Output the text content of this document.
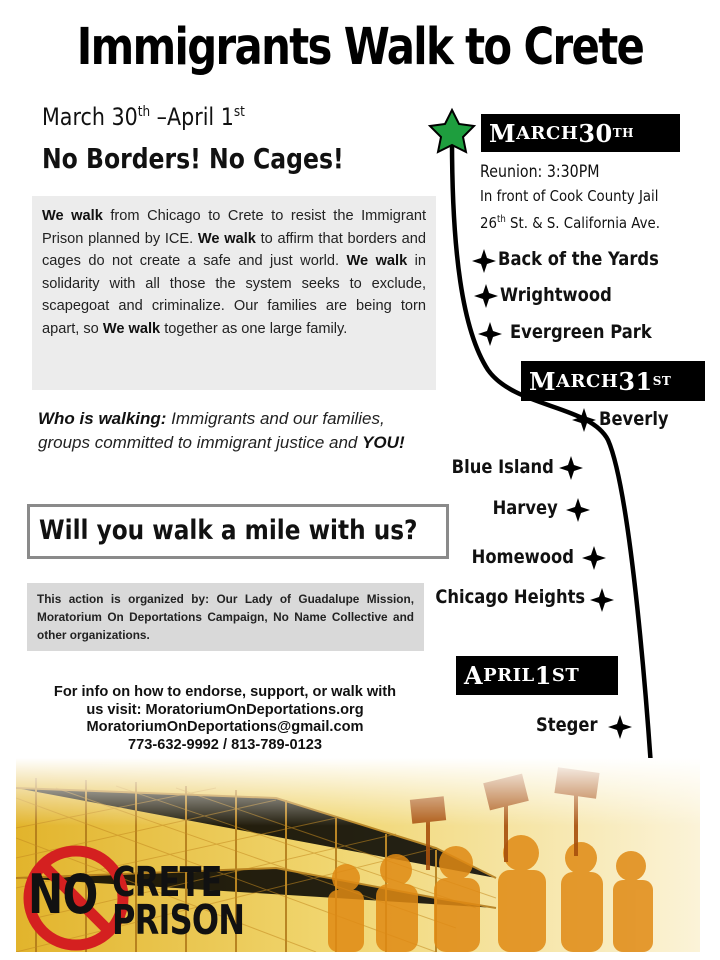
Immigrants Walk to Crete
March 30th –April 1st
No Borders! No Cages!
We walk from Chicago to Crete to resist the Immigrant Prison planned by ICE. We walk to affirm that borders and cages do not create a safe and just world. We walk in solidarity with all those the system seeks to exclude, scapegoat and criminalize. Our families are being torn apart, so We walk together as one large family.
Who is walking: Immigrants and our families, groups committed to immigrant justice and YOU!
Will you walk a mile with us?
This action is organized by: Our Lady of Guadalupe Mission, Moratorium On Deportations Campaign, No Name Collective and other organizations.
For info on how to endorse, support, or walk with
us visit: MoratoriumOnDeportations.org
MoratoriumOnDeportations@gmail.com
773-632-9992 / 813-789-0123
M ARCH 30 TH
M ARCH 31 ST
A PRIL 1 ST
Reunion: 3:30PM
In front of Cook County Jail
26th St. & S. California Ave.
Back of the Yards
Wrightwood
Evergreen Park
Beverly
Blue Island
Harvey
Homewood
Chicago Heights
Steger
NO CRETE
PRISON
